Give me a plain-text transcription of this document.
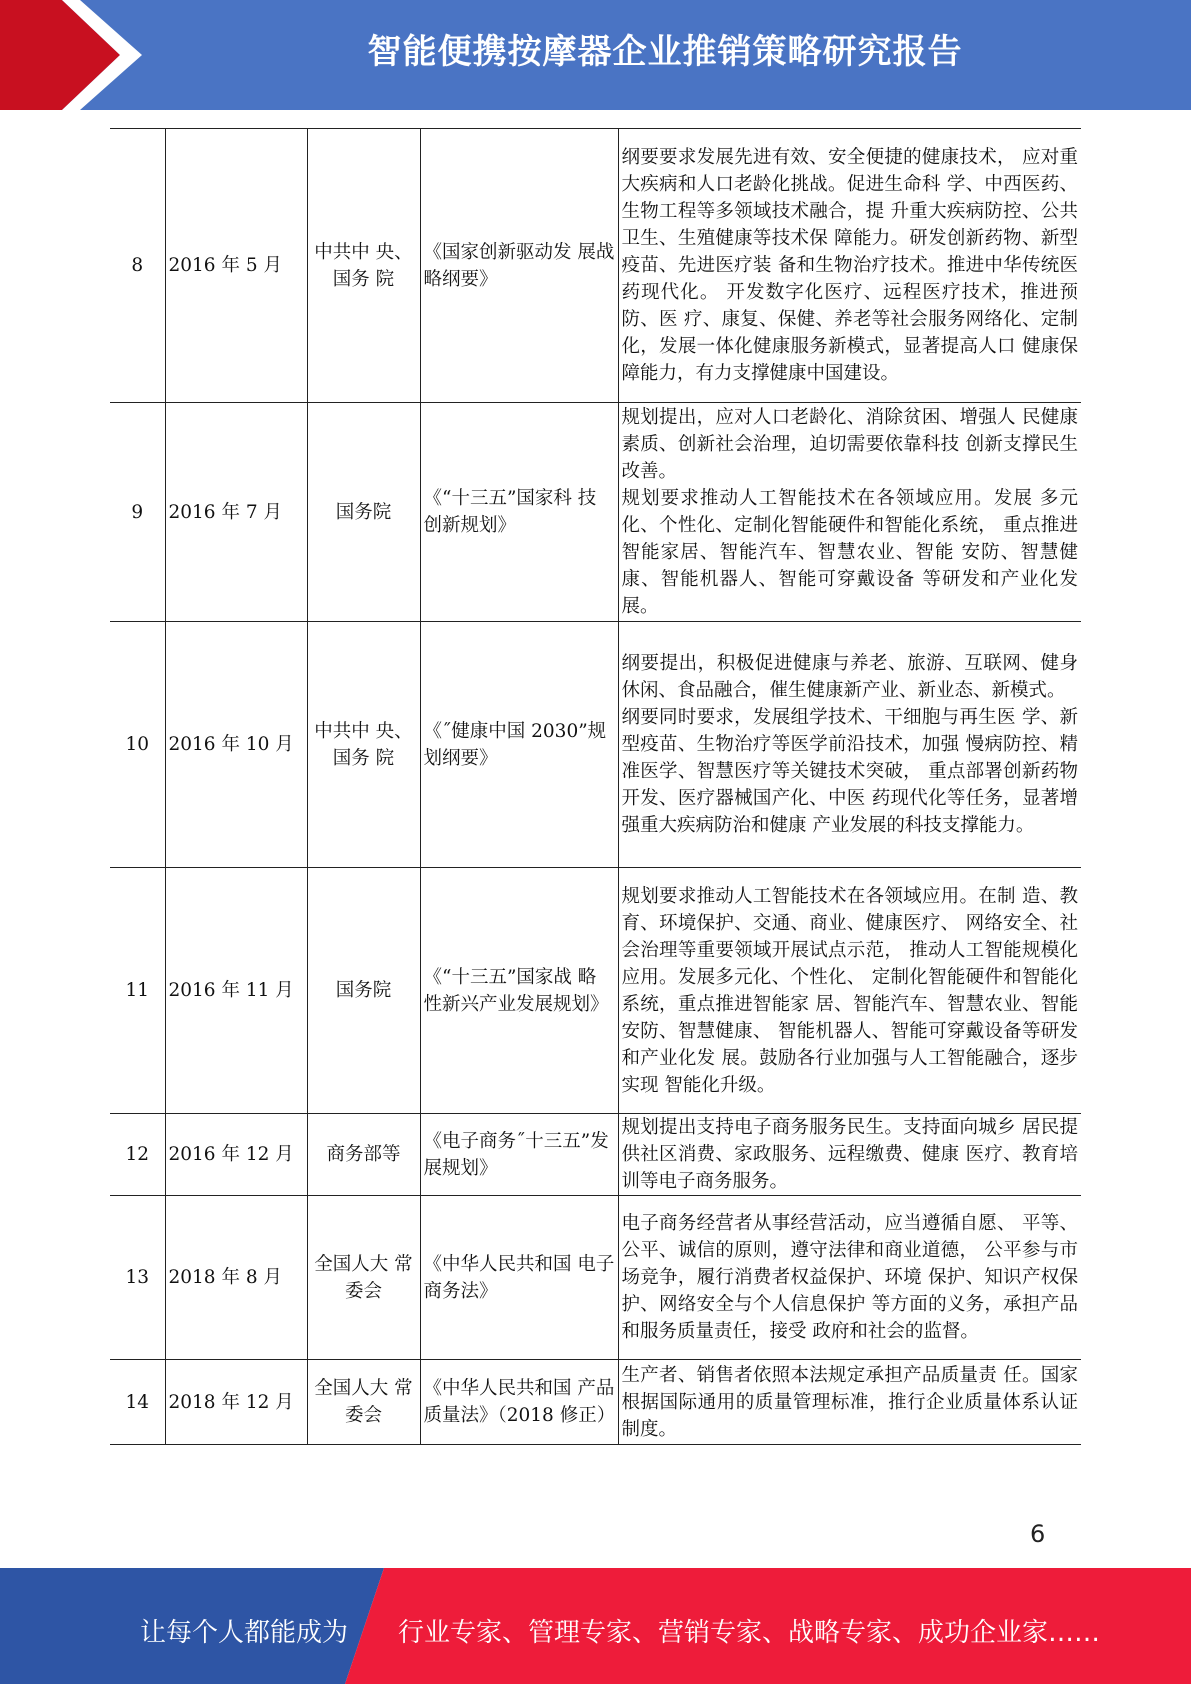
智能便携按摩器企业推销策略研究报告
8	2016 年 5 月	中共中 央、国务 院	《国家创新驱动发 展战略纲要》	纲要要求发展先进有效、安全便捷的健康技术， 应对重大疾病和人口老龄化挑战。促进生命科 学、中西医药、生物工程等多领域技术融合，提 升重大疾病防控、公共卫生、生殖健康等技术保 障能力。研发创新药物、新型疫苗、先进医疗装 备和生物治疗技术。推进中华传统医药现代化。 开发数字化医疗、远程医疗技术，推进预防、医 疗、康复、保健、养老等社会服务网络化、定制 化，发展一体化健康服务新模式，显著提高人口 健康保障能力，有力支撑健康中国建设。
9	2016 年 7 月	国务院	《“十三五”国家科 技创新规划》	规划提出，应对人口老龄化、消除贫困、增强人 民健康素质、创新社会治理，迫切需要依靠科技 创新支撑民生改善。
规划要求推动人工智能技术在各领域应用。发展 多元化、个性化、定制化智能硬件和智能化系统， 重点推进智能家居、智能汽车、智慧农业、智能 安防、智慧健康、智能机器人、智能可穿戴设备 等研发和产业化发展。
10	2016 年 10 月	中共中 央、国务 院	《˝健康中国 2030”规划纲要》	纲要提出，积极促进健康与养老、旅游、互联网、健身休闲、食品融合，催生健康新产业、新业态、新模式。
纲要同时要求，发展组学技术、干细胞与再生医 学、新型疫苗、生物治疗等医学前沿技术，加强 慢病防控、精准医学、智慧医疗等关键技术突破， 重点部署创新药物开发、医疗器械国产化、中医 药现代化等任务，显著增强重大疾病防治和健康 产业发展的科技支撑能力。
11	2016 年 11 月	国务院	《“十三五”国家战 略性新兴产业发展规划》	规划要求推动人工智能技术在各领域应用。在制 造、教育、环境保护、交通、商业、健康医疗、 网络安全、社会治理等重要领域开展试点示范， 推动人工智能规模化应用。发展多元化、个性化、 定制化智能硬件和智能化系统，重点推进智能家 居、智能汽车、智慧农业、智能安防、智慧健康、 智能机器人、智能可穿戴设备等研发和产业化发 展。鼓励各行业加强与人工智能融合，逐步实现 智能化升级。
12	2016 年 12 月	商务部等	《电子商务˝十三五”发展规划》	规划提出支持电子商务服务民生。支持面向城乡 居民提供社区消费、家政服务、远程缴费、健康 医疗、教育培训等电子商务服务。
13	2018 年 8 月	全国人大 常委会	《中华人民共和国 电子商务法》	电子商务经营者从事经营活动，应当遵循自愿、 平等、公平、诚信的原则，遵守法律和商业道德， 公平参与市场竞争，履行消费者权益保护、环境 保护、知识产权保护、网络安全与个人信息保护 等方面的义务，承担产品和服务质量责任，接受 政府和社会的监督。
14	2018 年 12 月	全国人大 常委会	《中华人民共和国 产品质量法》（2018 修正）	生产者、销售者依照本法规定承担产品质量责 任。国家根据国际通用的质量管理标准，推行企业质量体系认证制度。
6
让每个人都能成为 行业专家、管理专家、营销专家、战略专家、成功企业家……
